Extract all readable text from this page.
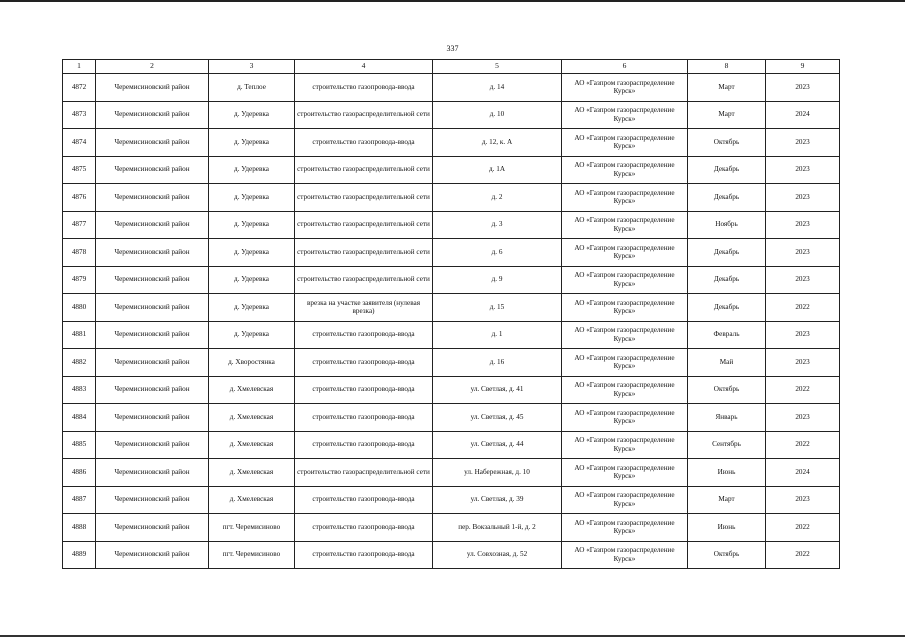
337
1	2	3	4	5	6	8	9
4872	Черемисиновский район	д. Теплое	строительство газопровода-ввода	д. 14	АО «Газпром газораспределение Курск»	Март	2023
4873	Черемисиновский район	д. Удеревка	строительство газораспределительной сети	д. 10	АО «Газпром газораспределение Курск»	Март	2024
4874	Черемисиновский район	д. Удеревка	строительство газопровода-ввода	д. 12, к. А	АО «Газпром газораспределение Курск»	Октябрь	2023
4875	Черемисиновский район	д. Удеревка	строительство газораспределительной сети	д. 1А	АО «Газпром газораспределение Курск»	Декабрь	2023
4876	Черемисиновский район	д. Удеревка	строительство газораспределительной сети	д. 2	АО «Газпром газораспределение Курск»	Декабрь	2023
4877	Черемисиновский район	д. Удеревка	строительство газораспределительной сети	д. 3	АО «Газпром газораспределение Курск»	Ноябрь	2023
4878	Черемисиновский район	д. Удеревка	строительство газораспределительной сети	д. 6	АО «Газпром газораспределение Курск»	Декабрь	2023
4879	Черемисиновский район	д. Удеревка	строительство газораспределительной сети	д. 9	АО «Газпром газораспределение Курск»	Декабрь	2023
4880	Черемисиновский район	д. Удеревка	врезка на участке заявителя (нулевая врезка)	д. 15	АО «Газпром газораспределение Курск»	Декабрь	2022
4881	Черемисиновский район	д. Удеревка	строительство газопровода-ввода	д. 1	АО «Газпром газораспределение Курск»	Февраль	2023
4882	Черемисиновский район	д. Хворостянка	строительство газопровода-ввода	д. 16	АО «Газпром газораспределение Курск»	Май	2023
4883	Черемисиновский район	д. Хмелевская	строительство газопровода-ввода	ул. Светлая, д. 41	АО «Газпром газораспределение Курск»	Октябрь	2022
4884	Черемисиновский район	д. Хмелевская	строительство газопровода-ввода	ул. Светлая, д. 45	АО «Газпром газораспределение Курск»	Январь	2023
4885	Черемисиновский район	д. Хмелевская	строительство газопровода-ввода	ул. Светлая, д. 44	АО «Газпром газораспределение Курск»	Сентябрь	2022
4886	Черемисиновский район	д. Хмелевская	строительство газораспределительной сети	ул. Набережная, д. 10	АО «Газпром газораспределение Курск»	Июнь	2024
4887	Черемисиновский район	д. Хмелевская	строительство газопровода-ввода	ул. Светлая, д. 39	АО «Газпром газораспределение Курск»	Март	2023
4888	Черемисиновский район	пгт. Черемисиново	строительство газопровода-ввода	пер. Вокзальный 1-й, д. 2	АО «Газпром газораспределение Курск»	Июнь	2022
4889	Черемисиновский район	пгт. Черемисиново	строительство газопровода-ввода	ул. Совхозная, д. 52	АО «Газпром газораспределение Курск»	Октябрь	2022
